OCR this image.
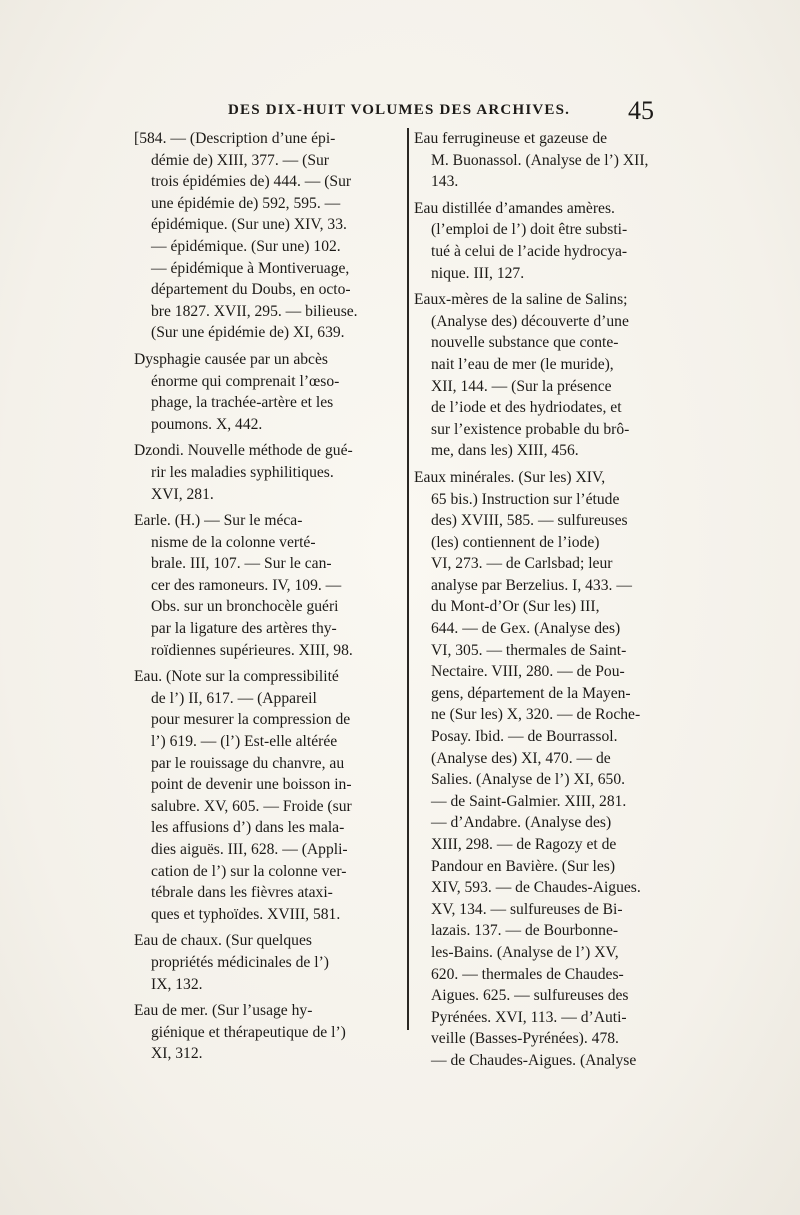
DES DIX-HUIT VOLUMES DES ARCHIVES. 45
[584. — (Description d’une épi-
démie de) XIII, 377. — (Sur
trois épidémies de) 444. — (Sur
une épidémie de) 592, 595. —
épidémique. (Sur une) XIV, 33.
— épidémique. (Sur une) 102.
— épidémique à Montiveruage,
département du Doubs, en octo-
bre 1827. XVII, 295. — bilieuse.
(Sur une épidémie de) XI, 639.
Dysphagie causée par un abcès
énorme qui comprenait l’œso-
phage, la trachée-artère et les
poumons. X, 442.
Dzondi. Nouvelle méthode de gué-
rir les maladies syphilitiques.
XVI, 281.
Earle. (H.) — Sur le méca-
nisme de la colonne verté-
brale. III, 107. — Sur le can-
cer des ramoneurs. IV, 109. —
Obs. sur un bronchocèle guéri
par la ligature des artères thy-
roïdiennes supérieures. XIII, 98.
Eau. (Note sur la compressibilité
de l’) II, 617. — (Appareil
pour mesurer la compression de
l’) 619. — (l’) Est-elle altérée
par le rouissage du chanvre, au
point de devenir une boisson in-
salubre. XV, 605. — Froide (sur
les affusions d’) dans les mala-
dies aiguës. III, 628. — (Appli-
cation de l’) sur la colonne ver-
tébrale dans les fièvres ataxi-
ques et typhoïdes. XVIII, 581.
Eau de chaux. (Sur quelques
propriétés médicinales de l’)
IX, 132.
Eau de mer. (Sur l’usage hy-
giénique et thérapeutique de l’)
XI, 312.
Eau ferrugineuse et gazeuse de
M. Buonassol. (Analyse de l’) XII,
143.
Eau distillée d’amandes amères.
(l’emploi de l’) doit être substi-
tué à celui de l’acide hydrocya-
nique. III, 127.
Eaux-mères de la saline de Salins;
(Analyse des) découverte d’une
nouvelle substance que conte-
nait l’eau de mer (le muride),
XII, 144. — (Sur la présence
de l’iode et des hydriodates, et
sur l’existence probable du brô-
me, dans les) XIII, 456.
Eaux minérales. (Sur les) XIV,
65 bis.) Instruction sur l’étude
des) XVIII, 585. — sulfureuses
(les) contiennent de l’iode)
VI, 273. — de Carlsbad; leur
analyse par Berzelius. I, 433. —
du Mont-d’Or (Sur les) III,
644. — de Gex. (Analyse des)
VI, 305. — thermales de Saint-
Nectaire. VIII, 280. — de Pou-
gens, département de la Mayen-
ne (Sur les) X, 320. — de Roche-
Posay. Ibid. — de Bourrassol.
(Analyse des) XI, 470. — de
Salies. (Analyse de l’) XI, 650.
— de Saint-Galmier. XIII, 281.
— d’Andabre. (Analyse des)
XIII, 298. — de Ragozy et de
Pandour en Bavière. (Sur les)
XIV, 593. — de Chaudes-Aigues.
XV, 134. — sulfureuses de Bi-
lazais. 137. — de Bourbonne-
les-Bains. (Analyse de l’) XV,
620. — thermales de Chaudes-
Aigues. 625. — sulfureuses des
Pyrénées. XVI, 113. — d’Auti-
veille (Basses-Pyrénées). 478.
— de Chaudes-Aigues. (Analyse
